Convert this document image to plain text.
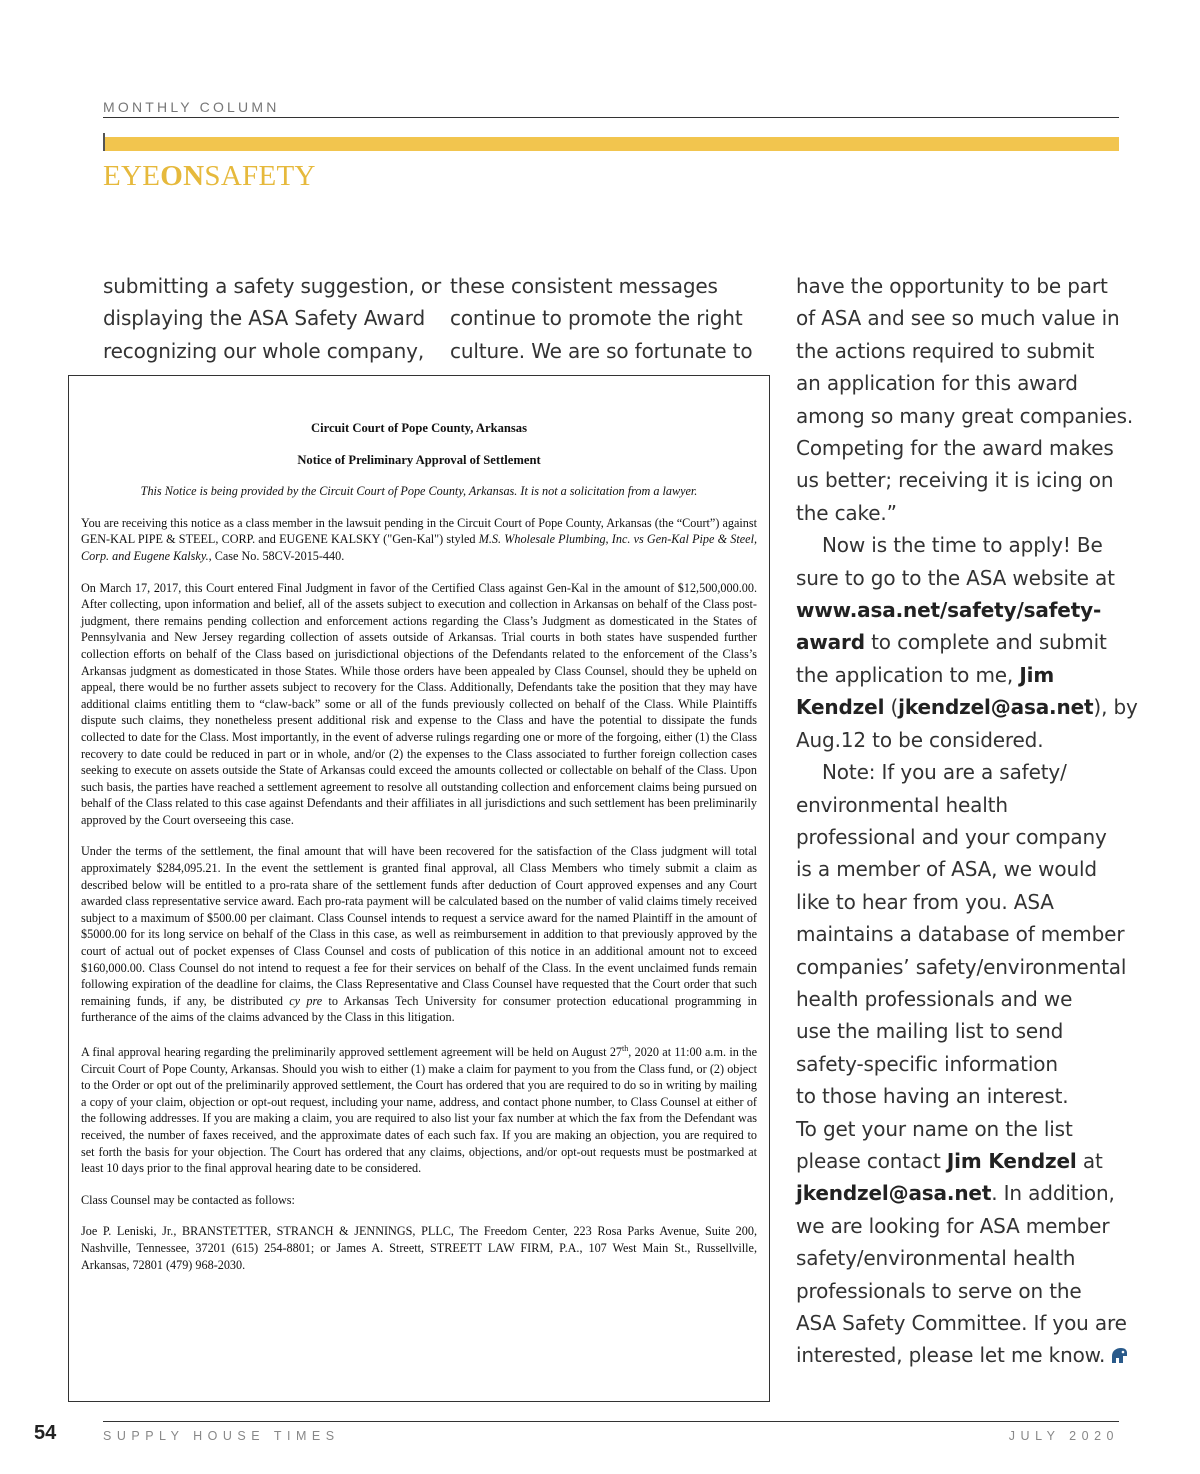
MONTHLY COLUMN
EYEONSAFETY
submitting a safety suggestion, or
displaying the ASA Safety Award
recognizing our whole company,
these consistent messages
continue to promote the right
culture. We are so fortunate to
have the opportunity to be part
of ASA and see so much value in
the actions required to submit
an application for this award
among so many great companies.
Competing for the award makes
us better; receiving it is icing on
the cake.”
Now is the time to apply! Be
sure to go to the ASA website at
www.asa.net/safety/safety-
award to complete and submit
the application to me, Jim
Kendzel (jkendzel@asa.net), by
Aug.12 to be considered.
Note: If you are a safety/
environmental health
professional and your company
is a member of ASA, we would
like to hear from you. ASA
maintains a database of member
companies’ safety/environmental
health professionals and we
use the mailing list to send
safety-specific information
to those having an interest.
To get your name on the list
please contact Jim Kendzel at
jkendzel@asa.net. In addition,
we are looking for ASA member
safety/environmental health
professionals to serve on the
ASA Safety Committee. If you are
interested, please let me know.

Circuit Court of Pope County, Arkansas

Notice of Preliminary Approval of Settlement

This Notice is being provided by the Circuit Court of Pope County, Arkansas. It is not a solicitation from a lawyer.

You are receiving this notice as a class member in the lawsuit pending in the Circuit Court of Pope County, Arkansas (the “Court”) against GEN-KAL PIPE & STEEL, CORP. and EUGENE KALSKY ("Gen-Kal") styled M.S. Wholesale Plumbing, Inc. vs Gen-Kal Pipe & Steel, Corp. and Eugene Kalsky., Case No. 58CV-2015-440.

On March 17, 2017, this Court entered Final Judgment in favor of the Certified Class against Gen-Kal in the amount of $12,500,000.00. After collecting, upon information and belief, all of the assets subject to execution and collection in Arkansas on behalf of the Class post-judgment, there remains pending collection and enforcement actions regarding the Class’s Judgment as domesticated in the States of Pennsylvania and New Jersey regarding collection of assets outside of Arkansas. Trial courts in both states have suspended further collection efforts on behalf of the Class based on jurisdictional objections of the Defendants related to the enforcement of the Class’s Arkansas judgment as domesticated in those States. While those orders have been appealed by Class Counsel, should they be upheld on appeal, there would be no further assets subject to recovery for the Class. Additionally, Defendants take the position that they may have additional claims entitling them to “claw-back” some or all of the funds previously collected on behalf of the Class. While Plaintiffs dispute such claims, they nonetheless present additional risk and expense to the Class and have the potential to dissipate the funds collected to date for the Class. Most importantly, in the event of adverse rulings regarding one or more of the forgoing, either (1) the Class recovery to date could be reduced in part or in whole, and/or (2) the expenses to the Class associated to further foreign collection cases seeking to execute on assets outside the State of Arkansas could exceed the amounts collected or collectable on behalf of the Class. Upon such basis, the parties have reached a settlement agreement to resolve all outstanding collection and enforcement claims being pursued on behalf of the Class related to this case against Defendants and their affiliates in all jurisdictions and such settlement has been preliminarily approved by the Court overseeing this case.

Under the terms of the settlement, the final amount that will have been recovered for the satisfaction of the Class judgment will total approximately $284,095.21. In the event the settlement is granted final approval, all Class Members who timely submit a claim as described below will be entitled to a pro-rata share of the settlement funds after deduction of Court approved expenses and any Court awarded class representative service award. Each pro-rata payment will be calculated based on the number of valid claims timely received subject to a maximum of $500.00 per claimant. Class Counsel intends to request a service award for the named Plaintiff in the amount of $5000.00 for its long service on behalf of the Class in this case, as well as reimbursement in addition to that previously approved by the court of actual out of pocket expenses of Class Counsel and costs of publication of this notice in an additional amount not to exceed $160,000.00. Class Counsel do not intend to request a fee for their services on behalf of the Class. In the event unclaimed funds remain following expiration of the deadline for claims, the Class Representative and Class Counsel have requested that the Court order that such remaining funds, if any, be distributed cy pre to Arkansas Tech University for consumer protection educational programming in furtherance of the aims of the claims advanced by the Class in this litigation.

A final approval hearing regarding the preliminarily approved settlement agreement will be held on August 27th, 2020 at 11:00 a.m. in the Circuit Court of Pope County, Arkansas. Should you wish to either (1) make a claim for payment to you from the Class fund, or (2) object to the Order or opt out of the preliminarily approved settlement, the Court has ordered that you are required to do so in writing by mailing a copy of your claim, objection or opt-out request, including your name, address, and contact phone number, to Class Counsel at either of the following addresses. If you are making a claim, you are required to also list your fax number at which the fax from the Defendant was received, the number of faxes received, and the approximate dates of each such fax. If you are making an objection, you are required to set forth the basis for your objection. The Court has ordered that any claims, objections, and/or opt-out requests must be postmarked at least 10 days prior to the final approval hearing date to be considered.

Class Counsel may be contacted as follows:

Joe P. Leniski, Jr., BRANSTETTER, STRANCH & JENNINGS, PLLC, The Freedom Center, 223 Rosa Parks Avenue, Suite 200, Nashville, Tennessee, 37201 (615) 254-8801; or James A. Streett, STREETT LAW FIRM, P.A., 107 West Main St., Russellville, Arkansas, 72801 (479) 968-2030.

54	SUPPLY HOUSE TIMES	JULY 2020
